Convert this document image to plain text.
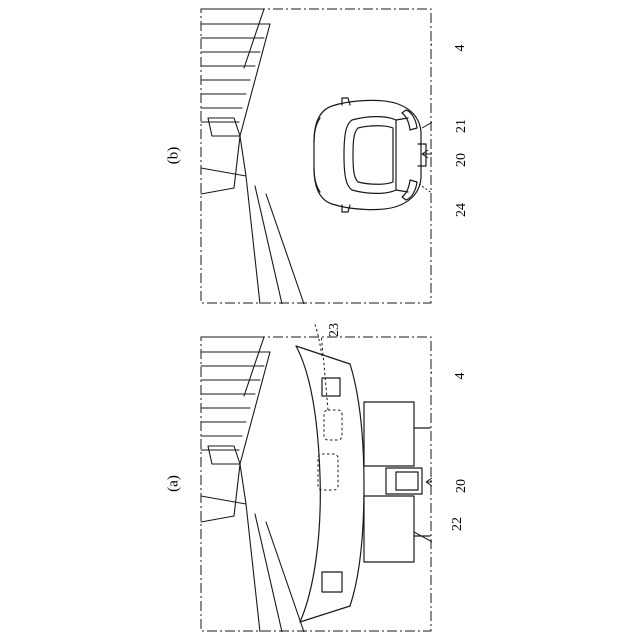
(b)
4
21
20
24
(a)
23
4
20
22
